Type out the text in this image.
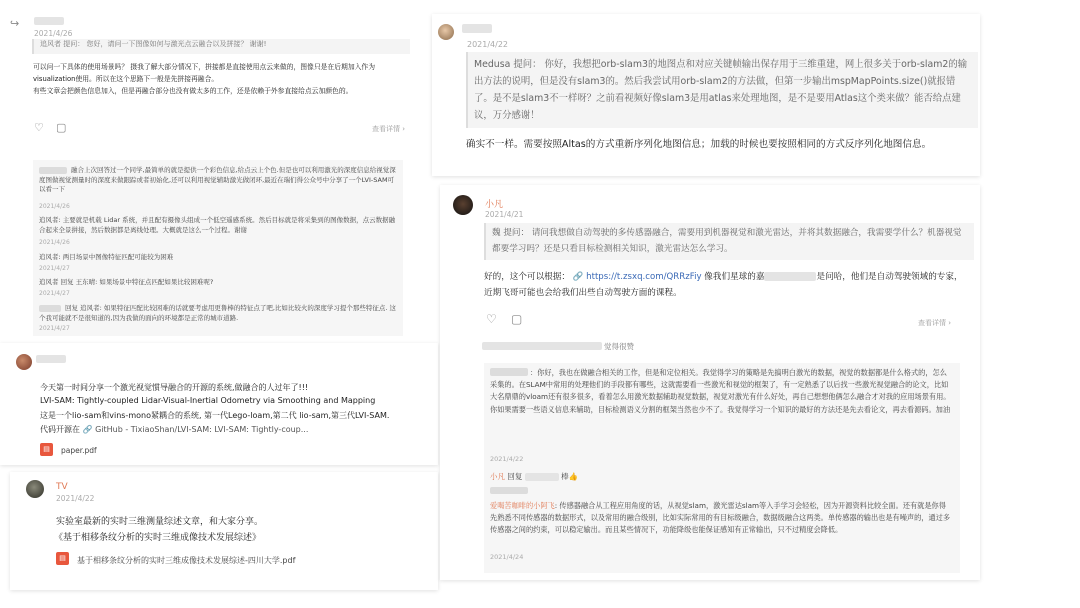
↪
2021/4/26
追风者 提问： 您好，请问一下图像如何与激光点云融合以及拼接？ 谢谢!
可以问一下具体的使用场景吗？ 摄我了解大部分情况下，拼接都是直接使用点云来做的，图像只是在后期加入作为visualization使用。所以在这个思路下一般是先拼接再融合。
有些文章会把颜色信息加入，但是再融合部分也没有做太多的工作，还是依赖于外参直接给点云加颜色的。
♡ ▢	查看详情 ›
融合上次回答过一个同学,最简单的就是提供一个彩色信息,给点云上个色.但是也可以利用激光的深度信息给视觉深度图做视觉测量时的深度来做跟踪或者初始化,还可以利用视觉辅助激光做闭环,最近在瑞们得公众号中分享了一个LVI-SAM可以看一下
2021/4/26
追风者: 主要就是机载 Lidar 系统，并且配有摄像头组成一个低空遥感系统。然后目标就是将采集到的图像数据，点云数据融合起来全景拼接，然后数据都是离线处理。大概就是这么一个过程。谢谢
2021/4/26
追风者: 两目场景中图像特征匹配可能较为困难
2021/4/27
追风者 回复 王东晴: 如果场景中特征点匹配如果比较困难呢?
2021/4/27
回复 追风者: 如果特征匹配比较困难的话就要考虑用更鲁棒的特征点了吧,比如比较火的深度学习提个那些特征点. 这个我可能就不是很知道的,因为我做的面向的环境都是正常的城市道路.
2021/4/27
今天第一时间分享一个激光视觉惯导融合的开源的系统,做融合的人过年了!!!
LVI-SAM: Tightly-coupled Lidar-Visual-Inertial Odometry via Smoothing and Mapping
这是一个lio-sam和vins-mono紧耦合的系统, 第一代Lego-loam,第二代 lio-sam,第三代LVI-SAM.
代码开源在 🔗 GitHub - TixiaoShan/LVI-SAM: LVI-SAM: Tightly-coup...
▤	paper.pdf
TV
2021/4/22
实验室最新的实时三维测量综述文章，和大家分享。
《基于相移条纹分析的实时三维成像技术发展综述》
▤	基于相移条纹分析的实时三维成像技术发展综述-四川大学.pdf
2021/4/22
Medusa 提问： 你好，我想把orb-slam3的地图点和对应关键帧输出保存用于三维重建，网上很多关于orb-slam2的输出方法的说明，但是没有slam3的。然后我尝试用orb-slam2的方法做，但第一步输出mspMapPoints.size()就报错了。是不是slam3不一样呀？之前看视频好像slam3是用atlas来处理地图，是不是要用Atlas这个类来做？能否给点建议，万分感谢！
确实不一样。需要按照Altas的方式重新序列化地图信息；加载的时候也要按照相同的方式反序列化地图信息。
小凡
2021/4/21
魏 提问： 请问我想做自动驾驶的多传感器融合，需要用到机器视觉和激光雷达，并将其数据融合，我需要学什么？机器视觉都要学习吗？还是只看目标检测相关知识，激光雷达怎么学习。
好的，这个可以根据： 🔗 https://t.zsxq.com/QRRzFiy 像我们星球的嘉	是问哈，他们是自动驾驶领域的专家，近期飞哥可能也会给我们出些自动驾驶方面的课程。
♡ ▢	查看详情 ›
觉得很赞
：你好，我也在做融合相关的工作，但是和定位相关。我觉得学习的策略是先搞明白激光的数据，视觉的数据都是什么格式的，怎么采集的。在SLAM中常用的处理他们的手段都有哪些，这就需要看一些激光和视觉的框架了，有一定熟悉了以后找一些激光视觉融合的论文，比如大名鼎鼎的vloam还有很多很多，看着怎么用激光数据辅助视觉数据，视觉对激光有什么好处，再自己想想他俩怎么融合才对我的应用场景有用。你如果需要一些语义信息来辅助，目标检测语义分割的框架当然也少不了。我觉得学习一个知识的最好的方法还是先去看论文，再去看源码。加油
2021/4/22
小凡 回复	棒👍
爱喝苦咖啡的小阿飞: 传感器融合从工程应用角度的话，从视觉slam，激光雷达slam等入手学习会轻松，因为开源资料比较全面。还有就是你得先熟悉不同传感器的数据形式，以及常用的融合级别，比如实际常用的有目标级融合，数据级融合这两类。单传感器的输出也是有噪声的，通过多传感器之间的约束，可以稳定输出。而且某些情况下，功能降级也能保证感知有正常输出，只不过精度会降低。
2021/4/24
